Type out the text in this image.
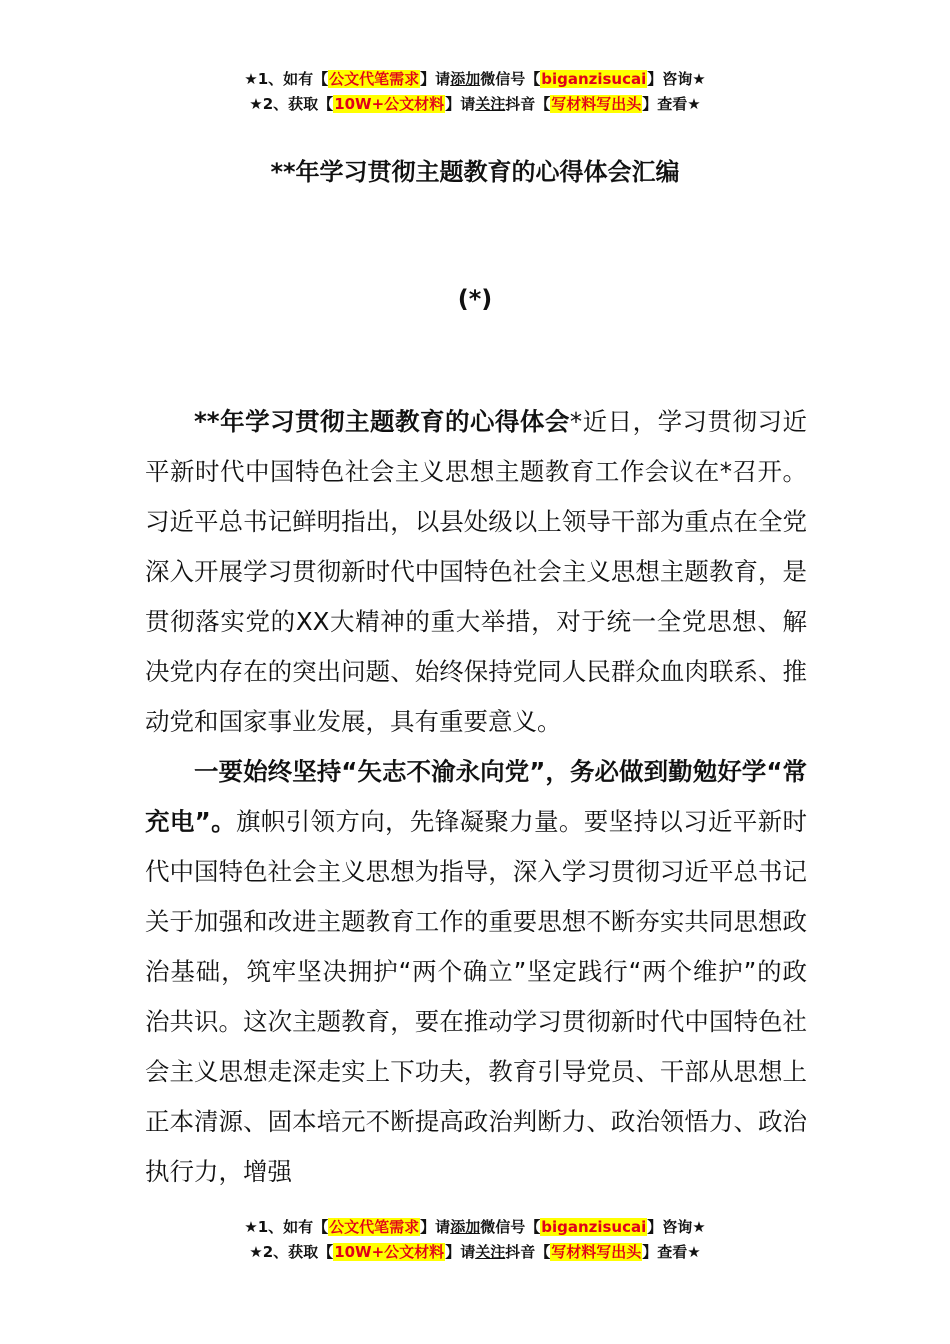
★1、如有【公文代笔需求】请添加微信号【biganzisucai】咨询★
★2、获取【10W+公文材料】请关注抖音【写材料写出头】查看★
**年学习贯彻主题教育的心得体会汇编
(*)

**年学习贯彻主题教育的心得体会*近日，学习贯彻习近平新时代中国特色社会主义思想主题教育工作会议在*召开。习近平总书记鲜明指出，以县处级以上领导干部为重点在全党深入开展学习贯彻新时代中国特色社会主义思想主题教育，是贯彻落实党的XX大精神的重大举措，对于统一全党思想、解决党内存在的突出问题、始终保持党同人民群众血肉联系、推动党和国家事业发展，具有重要意义。

一要始终坚持“矢志不渝永向党”，务必做到勤勉好学“常充电”。旗帜引领方向，先锋凝聚力量。要坚持以习近平新时代中国特色社会主义思想为指导，深入学习贯彻习近平总书记关于加强和改进主题教育工作的重要思想不断夯实共同思想政治基础，筑牢坚决拥护“两个确立”坚定践行“两个维护”的政治共识。这次主题教育，要在推动学习贯彻新时代中国特色社会主义思想走深走实上下功夫，教育引导党员、干部从思想上正本清源、固本培元不断提高政治判断力、政治领悟力、政治执行力，增强

★1、如有【公文代笔需求】请添加微信号【biganzisucai】咨询★
★2、获取【10W+公文材料】请关注抖音【写材料写出头】查看★
